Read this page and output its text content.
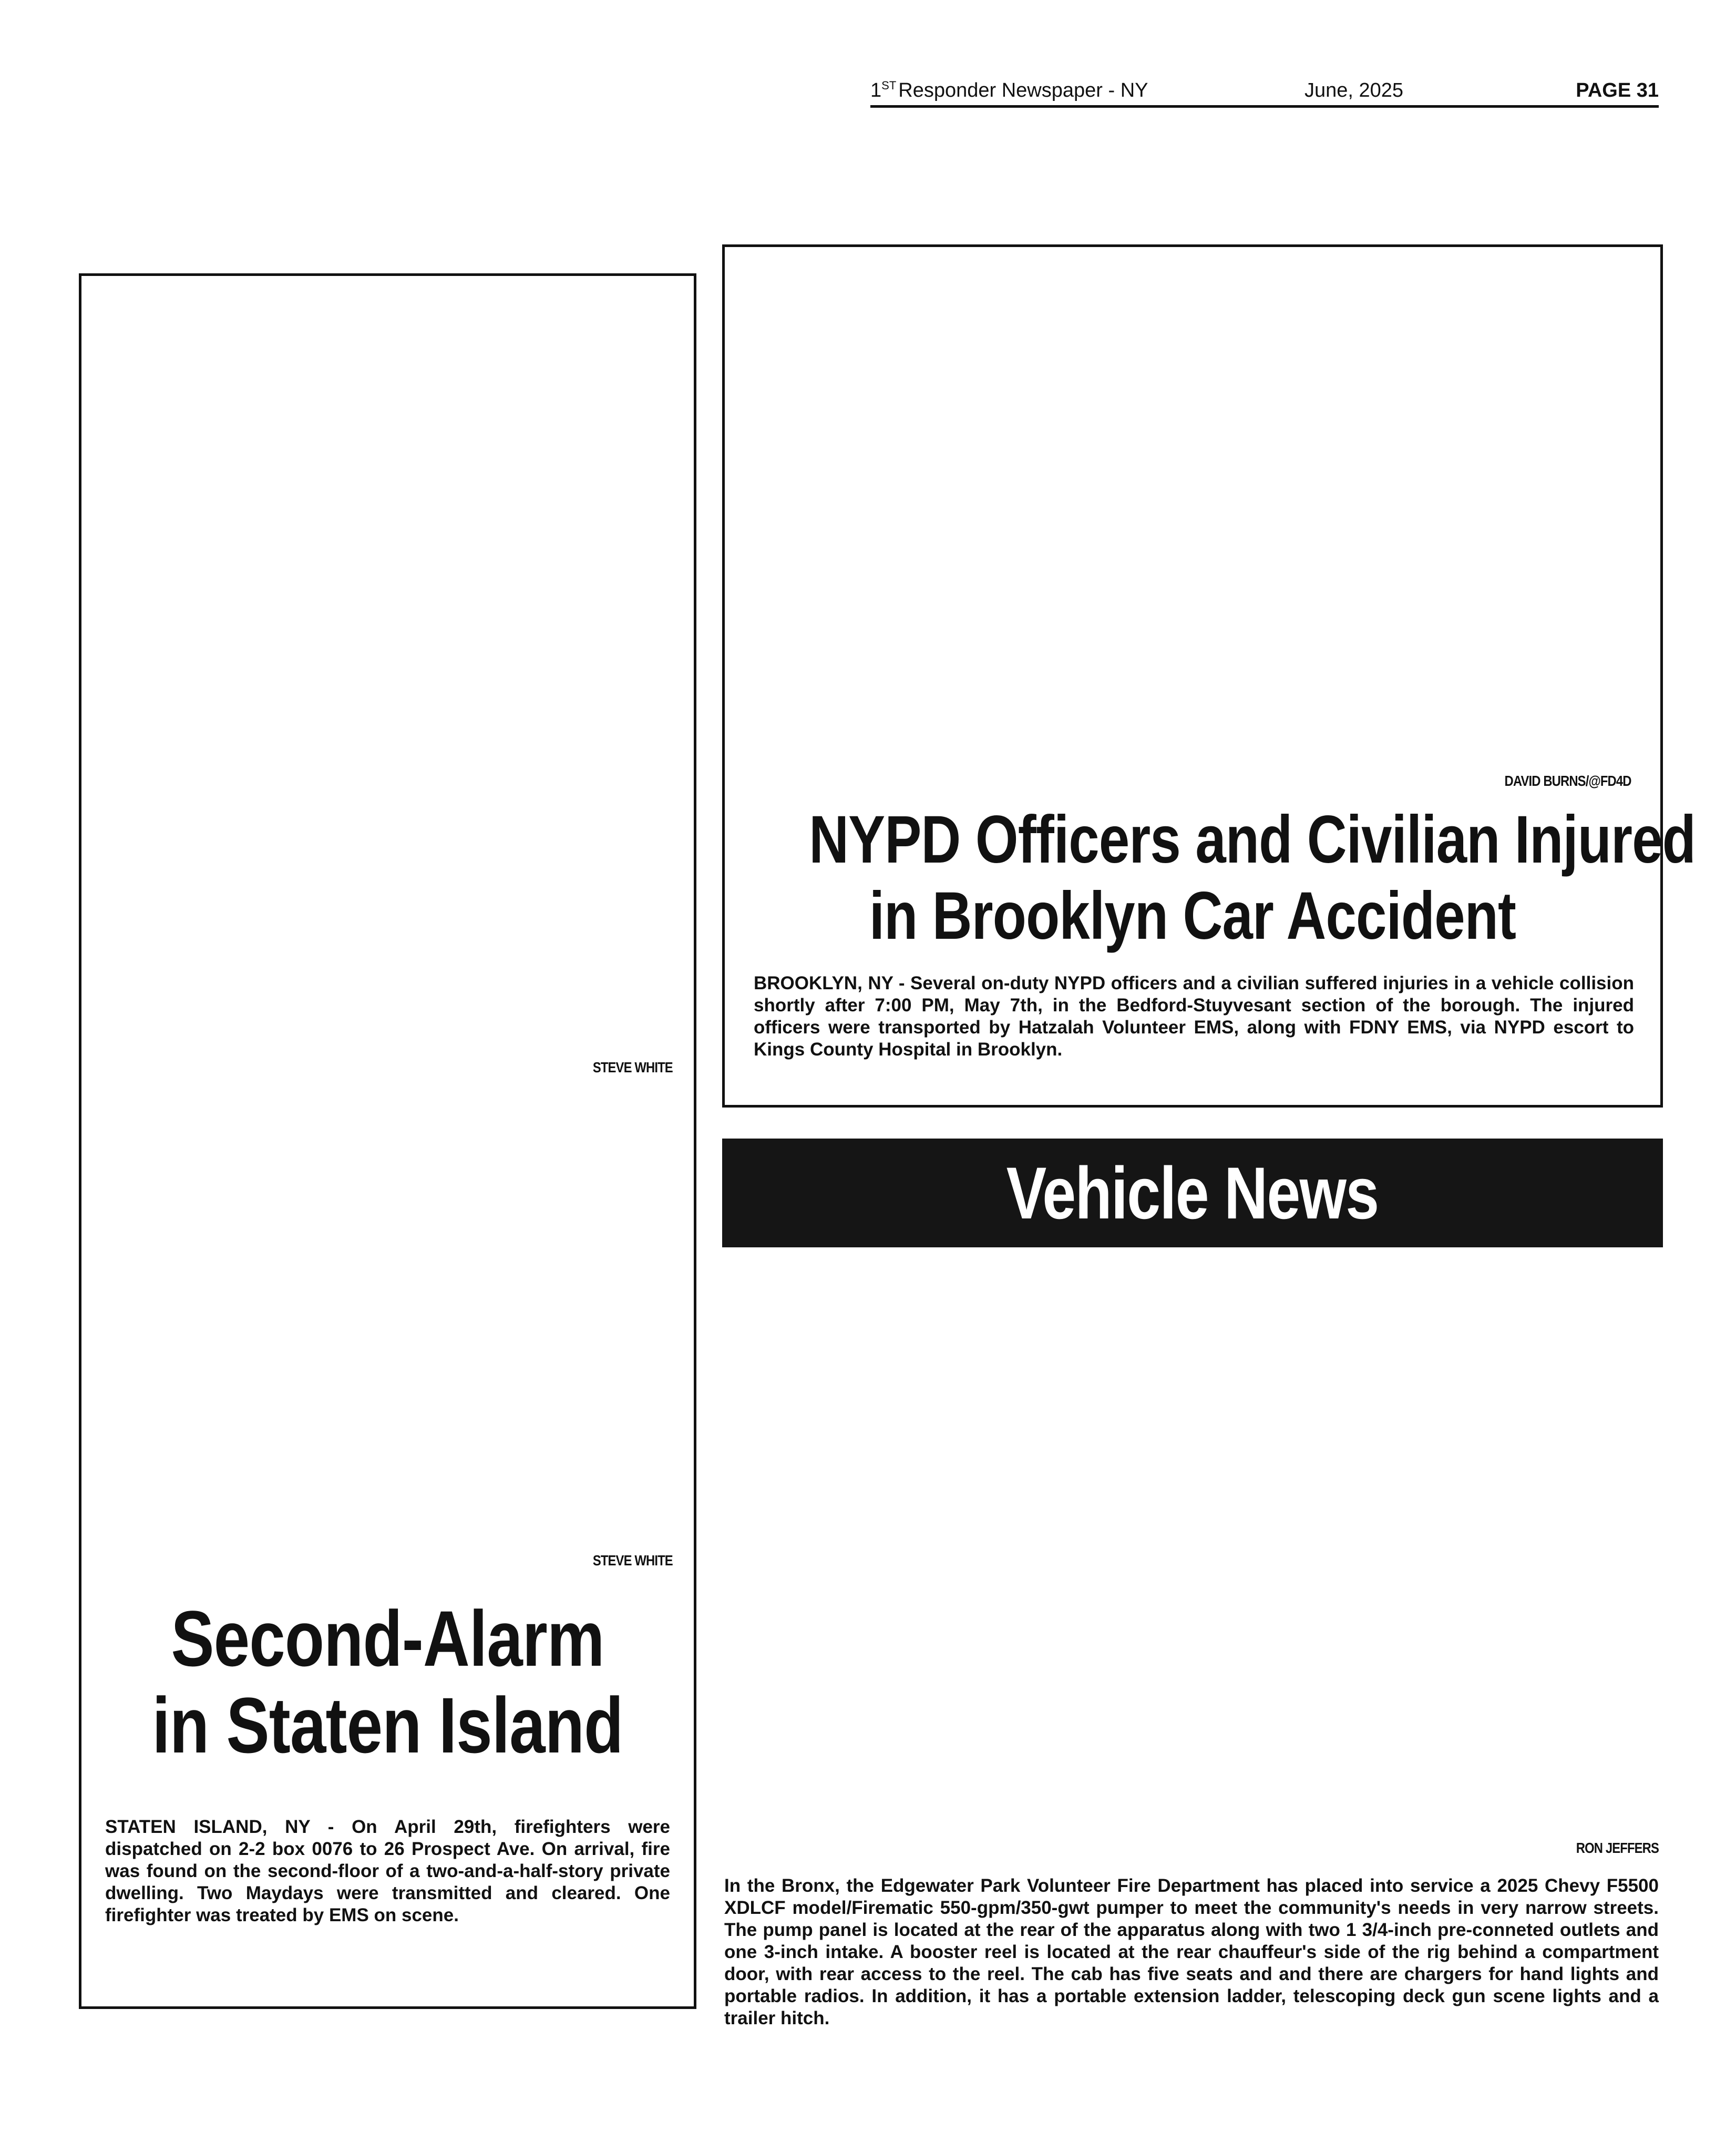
1ST Responder Newspaper - NY	June, 2025	PAGE 31
STEVE WHITE
STEVE WHITE
Second-Alarm
in Staten Island
STATEN ISLAND, NY - On April 29th, firefighters were dispatched on 2-2 box 0076 to 26 Prospect Ave. On arrival, fire was found on the second-floor of a two-and-a-half-story private dwelling. Two Maydays were transmitted and cleared. One firefighter was treated by EMS on scene.
DAVID BURNS/@FD4D
NYPD Officers and Civilian Injured
in Brooklyn Car Accident
BROOKLYN, NY - Several on-duty NYPD officers and a civilian suffered injuries in a vehicle collision shortly after 7:00 PM, May 7th, in the Bedford-Stuyvesant section of the borough. The injured officers were transported by Hatzalah Volunteer EMS, along with FDNY EMS, via NYPD escort to Kings County Hospital in Brooklyn.
Vehicle News
RON JEFFERS
In the Bronx, the Edgewater Park Volunteer Fire Department has placed into service a 2025 Chevy F5500 XDLCF model/Firematic 550-gpm/350-gwt pumper to meet the community's needs in very narrow streets. The pump panel is located at the rear of the apparatus along with two 1 3/4-inch pre-conneted outlets and one 3-inch intake. A booster reel is located at the rear chauffeur's side of the rig behind a compartment door, with rear access to the reel. The cab has five seats and and there are chargers for hand lights and portable radios. In addition, it has a portable extension ladder, telescoping deck gun scene lights and a trailer hitch.
